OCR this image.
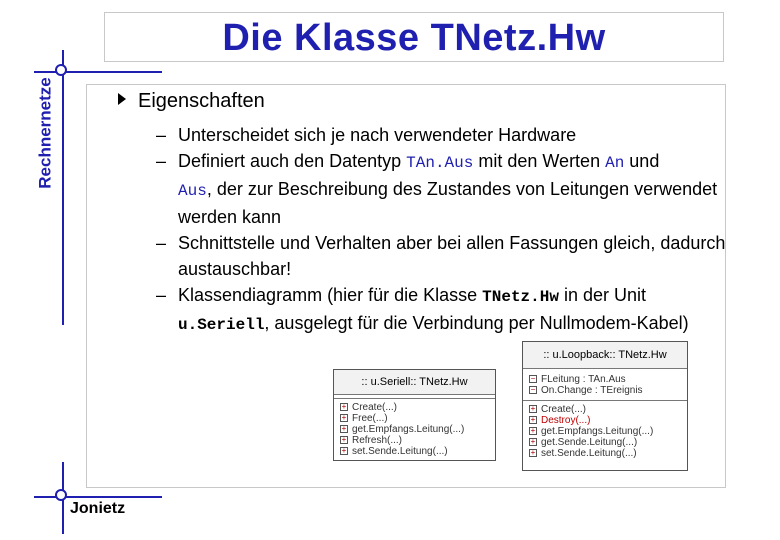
Die Klasse TNetz.Hw
Rechnernetze	Eigenschaften
– Unterscheidet sich je nach verwendeter Hardware
– Definiert auch den Datentyp TAn.Aus mit den Werten An und
Aus, der zur Beschreibung des Zustandes von Leitungen verwendet werden kann
– Schnittstelle und Verhalten aber bei allen Fassungen gleich, dadurch austauschbar!
– Klassendiagramm (hier für die Klasse TNetz.Hw in der Unit u.Seriell, ausgelegt für die Verbindung per Nullmodem-Kabel)
:: u.Seriell:: TNetz.Hw
+ Create(...)
+ Free(...)
+ get.Empfangs.Leitung(...)
+ Refresh(...)
+ set.Sende.Leitung(...)
:: u.Loopback:: TNetz.Hw
− FLeitung : TAn.Aus
− On.Change : TEreignis
+ Create(...)
+ Destroy(...)
+ get.Empfangs.Leitung(...)
+ get.Sende.Leitung(...)
+ set.Sende.Leitung(...)
Jonietz
